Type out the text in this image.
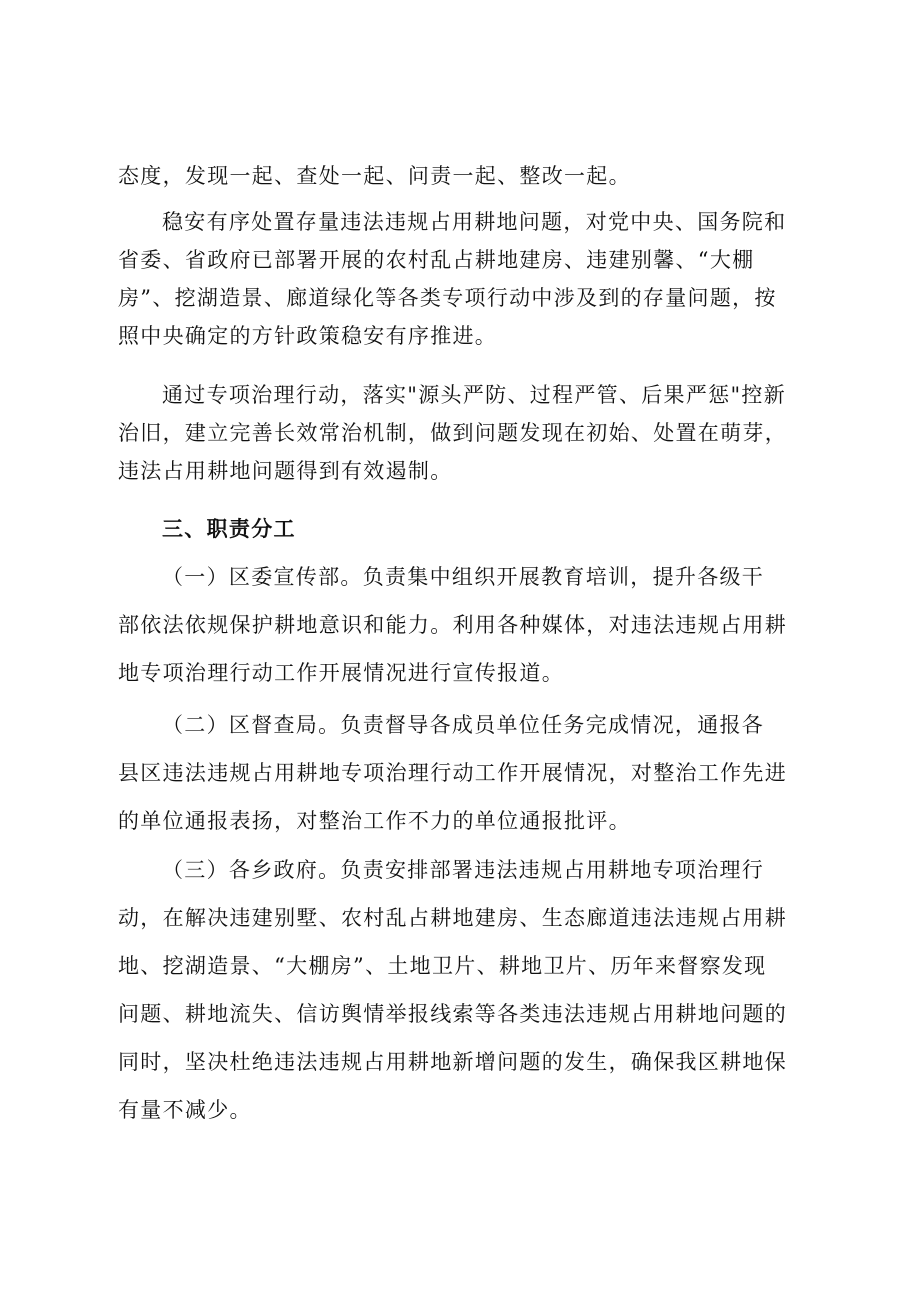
态度，发现一起、查处一起、问责一起、整改一起。

稳安有序处置存量违法违规占用耕地问题，对党中央、国务院和
省委、省政府已部署开展的农村乱占耕地建房、违建别馨、“大棚
房”、挖湖造景、廊道绿化等各类专项行动中涉及到的存量问题，按
照中央确定的方针政策稳安有序推进。

通过专项治理行动，落实"源头严防、过程严管、后果严惩"控新
治旧，建立完善长效常治机制，做到问题发现在初始、处置在萌芽，
违法占用耕地问题得到有效遏制。

三、职责分工

（一）区委宣传部。负责集中组织开展教育培训，提升各级干
部依法依规保护耕地意识和能力。利用各种媒体，对违法违规占用耕
地专项治理行动工作开展情况进行宣传报道。

（二）区督查局。负责督导各成员单位任务完成情况，通报各
县区违法违规占用耕地专项治理行动工作开展情况，对整治工作先进
的单位通报表扬，对整治工作不力的单位通报批评。

（三）各乡政府。负责安排部署违法违规占用耕地专项治理行
动，在解决违建别墅、农村乱占耕地建房、生态廊道违法违规占用耕
地、挖湖造景、“大棚房”、土地卫片、耕地卫片、历年来督察发现
问题、耕地流失、信访舆情举报线索等各类违法违规占用耕地问题的
同时，坚决杜绝违法违规占用耕地新增问题的发生，确保我区耕地保
有量不减少。
